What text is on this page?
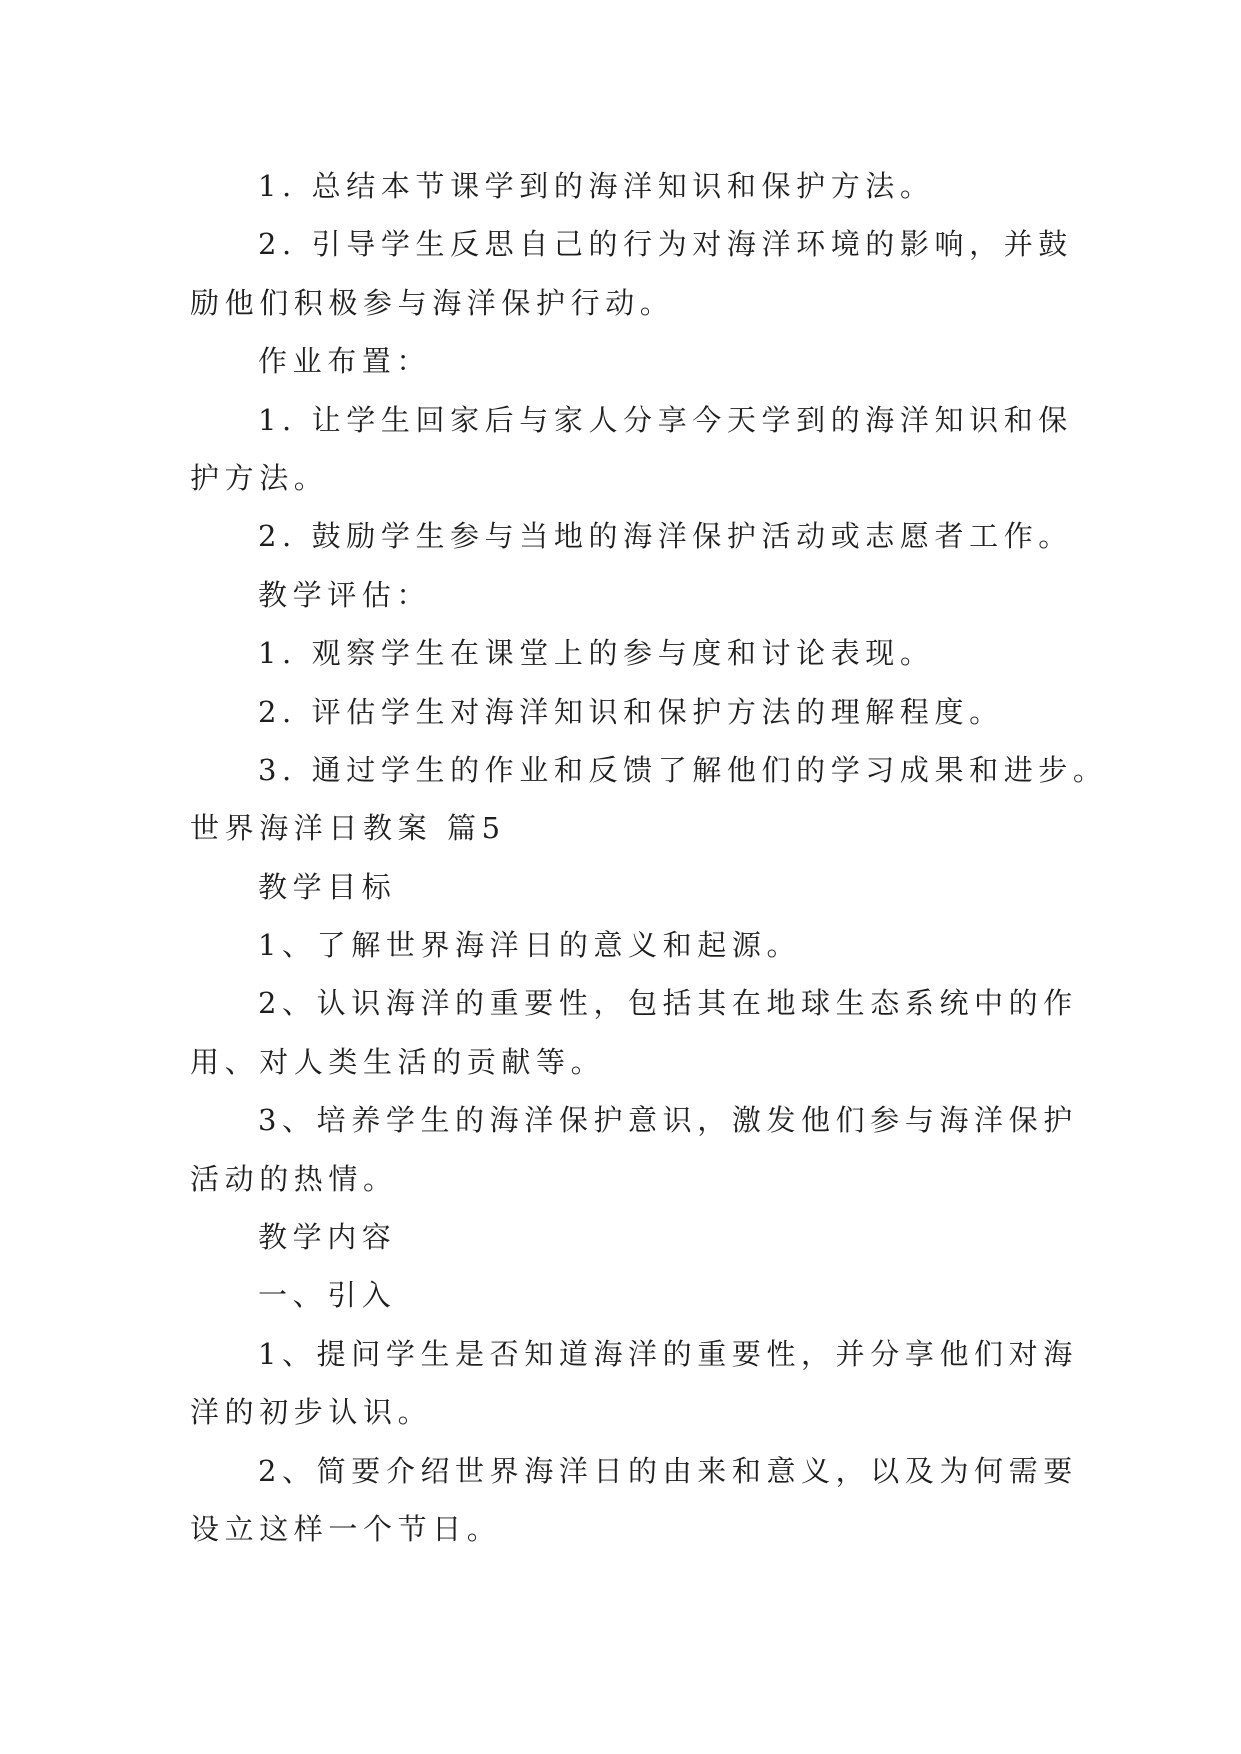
1. 总结本节课学到的海洋知识和保护方法。
2. 引导学生反思自己的行为对海洋环境的影响，并鼓
励他们积极参与海洋保护行动。
作业布置：
1. 让学生回家后与家人分享今天学到的海洋知识和保
护方法。
2. 鼓励学生参与当地的海洋保护活动或志愿者工作。
教学评估：
1. 观察学生在课堂上的参与度和讨论表现。
2. 评估学生对海洋知识和保护方法的理解程度。
3. 通过学生的作业和反馈了解他们的学习成果和进步。
世界海洋日教案 篇5
教学目标
1、了解世界海洋日的意义和起源。
2、认识海洋的重要性，包括其在地球生态系统中的作
用、对人类生活的贡献等。
3、培养学生的海洋保护意识，激发他们参与海洋保护
活动的热情。
教学内容
一、引入
1、提问学生是否知道海洋的重要性，并分享他们对海
洋的初步认识。
2、简要介绍世界海洋日的由来和意义，以及为何需要
设立这样一个节日。
